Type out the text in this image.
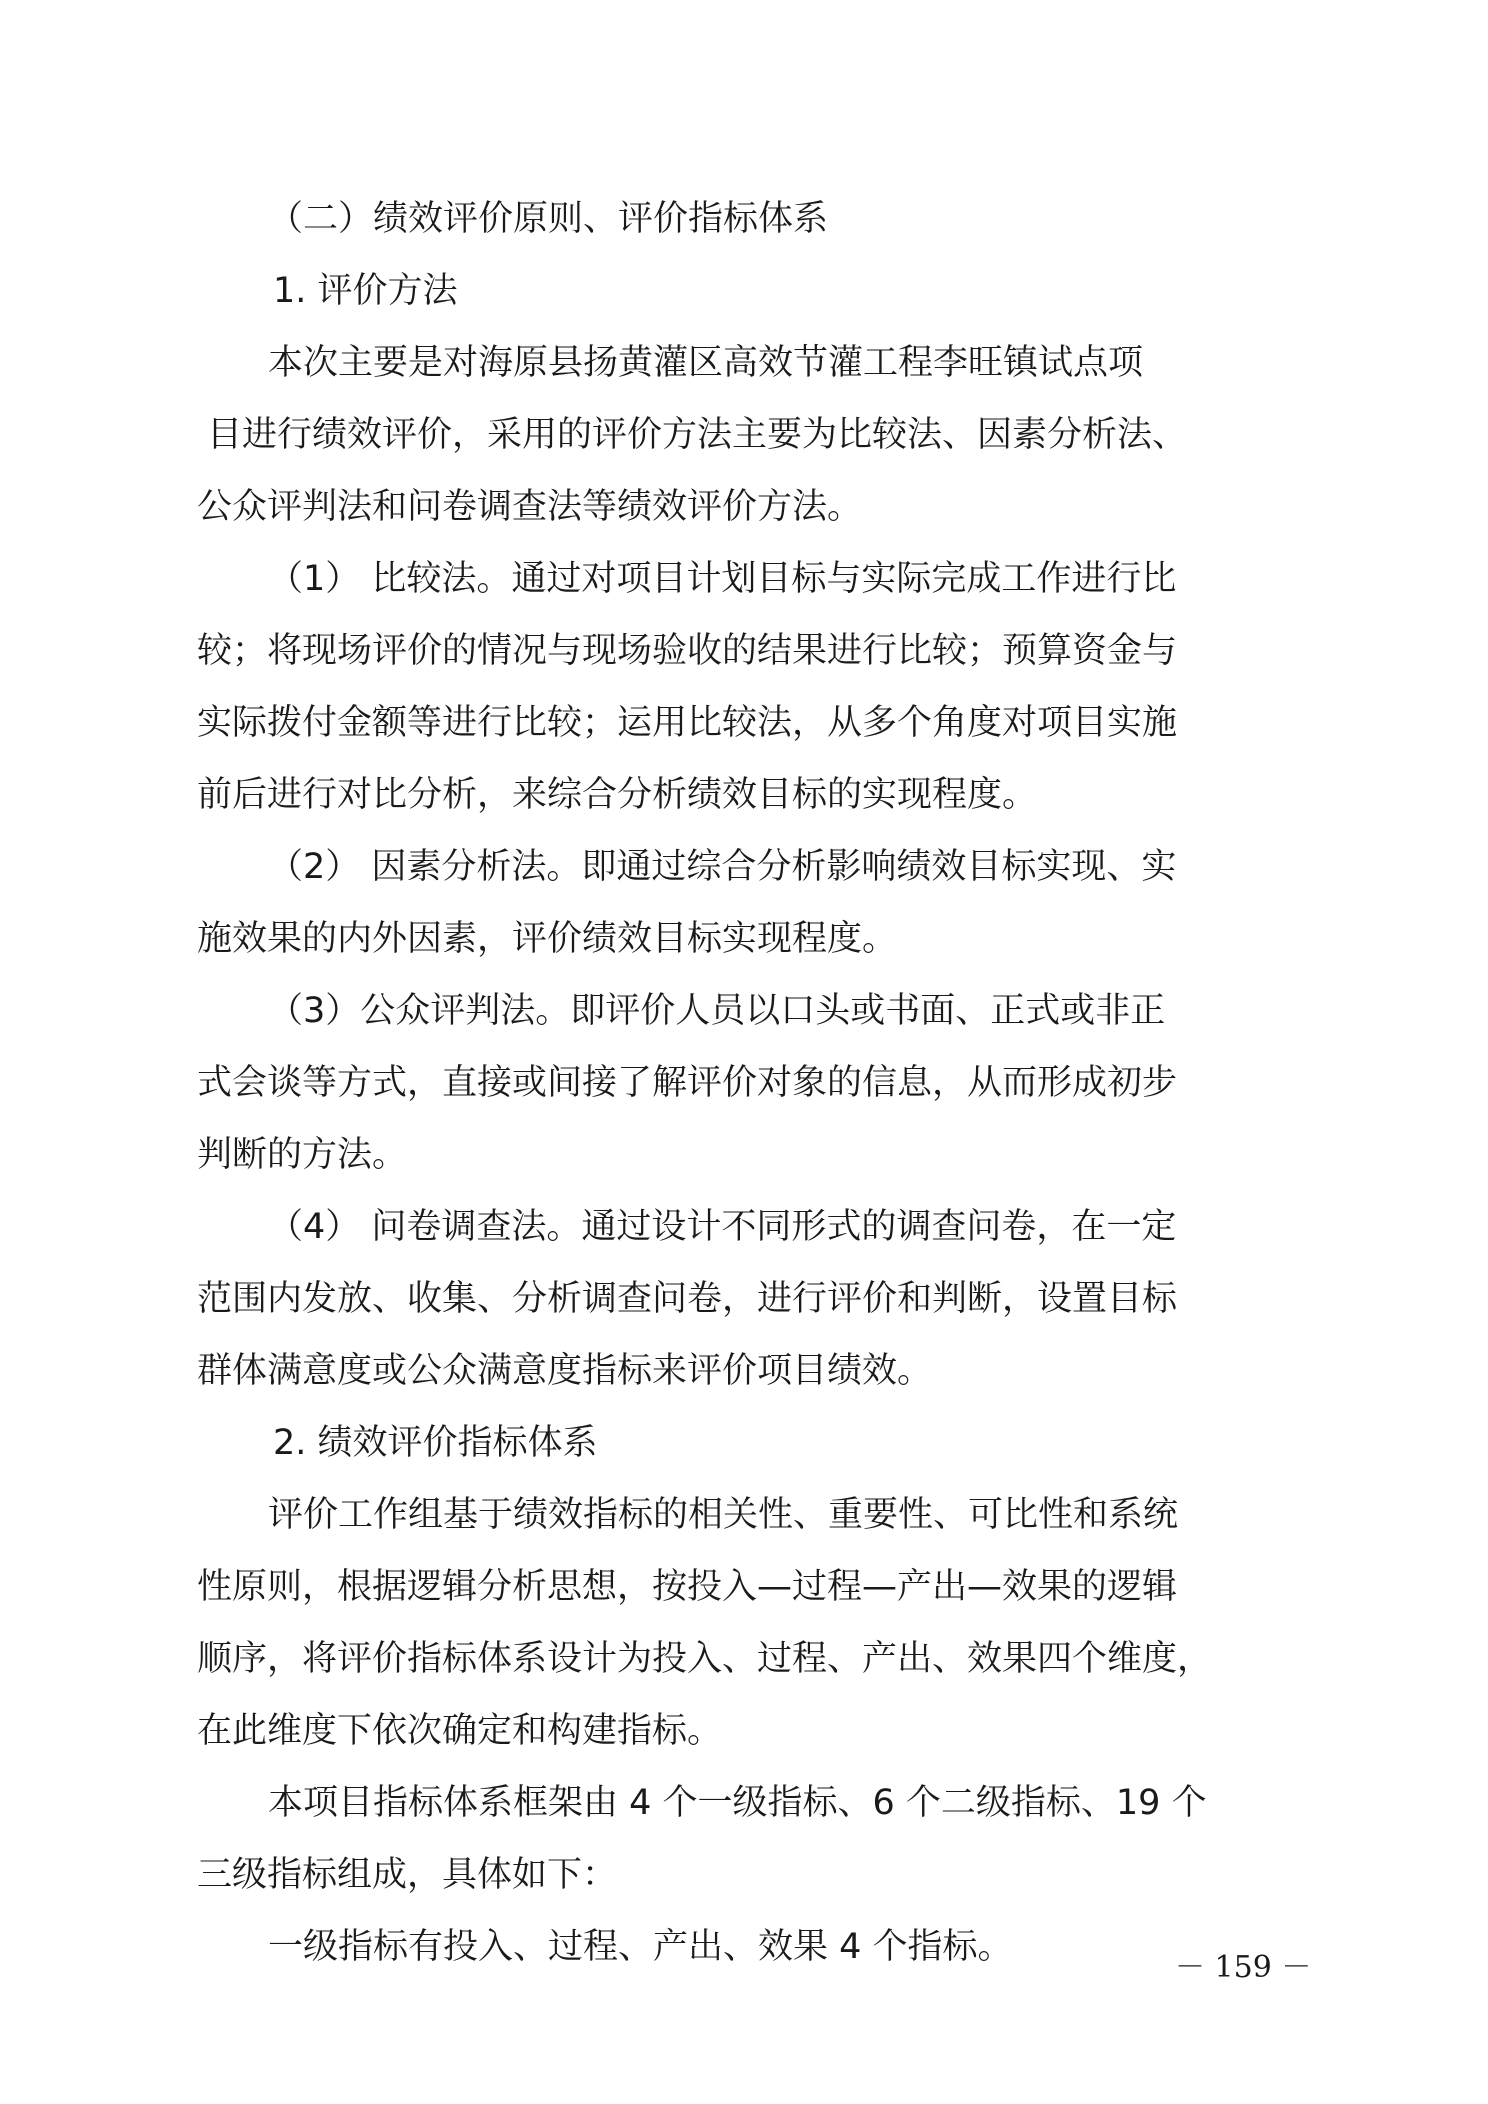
（二）绩效评价原则、评价指标体系

1. 评价方法

本次主要是对海原县扬黄灌区高效节灌工程李旺镇试点项

目进行绩效评价，采用的评价方法主要为比较法、因素分析法、

公众评判法和问卷调查法等绩效评价方法。

（1） 比较法。通过对项目计划目标与实际完成工作进行比

较；将现场评价的情况与现场验收的结果进行比较；预算资金与

实际拨付金额等进行比较；运用比较法，从多个角度对项目实施

前后进行对比分析，来综合分析绩效目标的实现程度。

（2） 因素分析法。即通过综合分析影响绩效目标实现、实

施效果的内外因素，评价绩效目标实现程度。

（3）公众评判法。即评价人员以口头或书面、正式或非正

式会谈等方式，直接或间接了解评价对象的信息，从而形成初步

判断的方法。

（4） 问卷调查法。通过设计不同形式的调查问卷，在一定

范围内发放、收集、分析调查问卷，进行评价和判断，设置目标

群体满意度或公众满意度指标来评价项目绩效。

2. 绩效评价指标体系

评价工作组基于绩效指标的相关性、重要性、可比性和系统

性原则，根据逻辑分析思想，按投入—过程—产出—效果的逻辑

顺序，将评价指标体系设计为投入、过程、产出、效果四个维度，

在此维度下依次确定和构建指标。

本项目指标体系框架由 4 个一级指标、6 个二级指标、19 个

三级指标组成，具体如下：

一级指标有投入、过程、产出、效果 4 个指标。

－ 159 －
